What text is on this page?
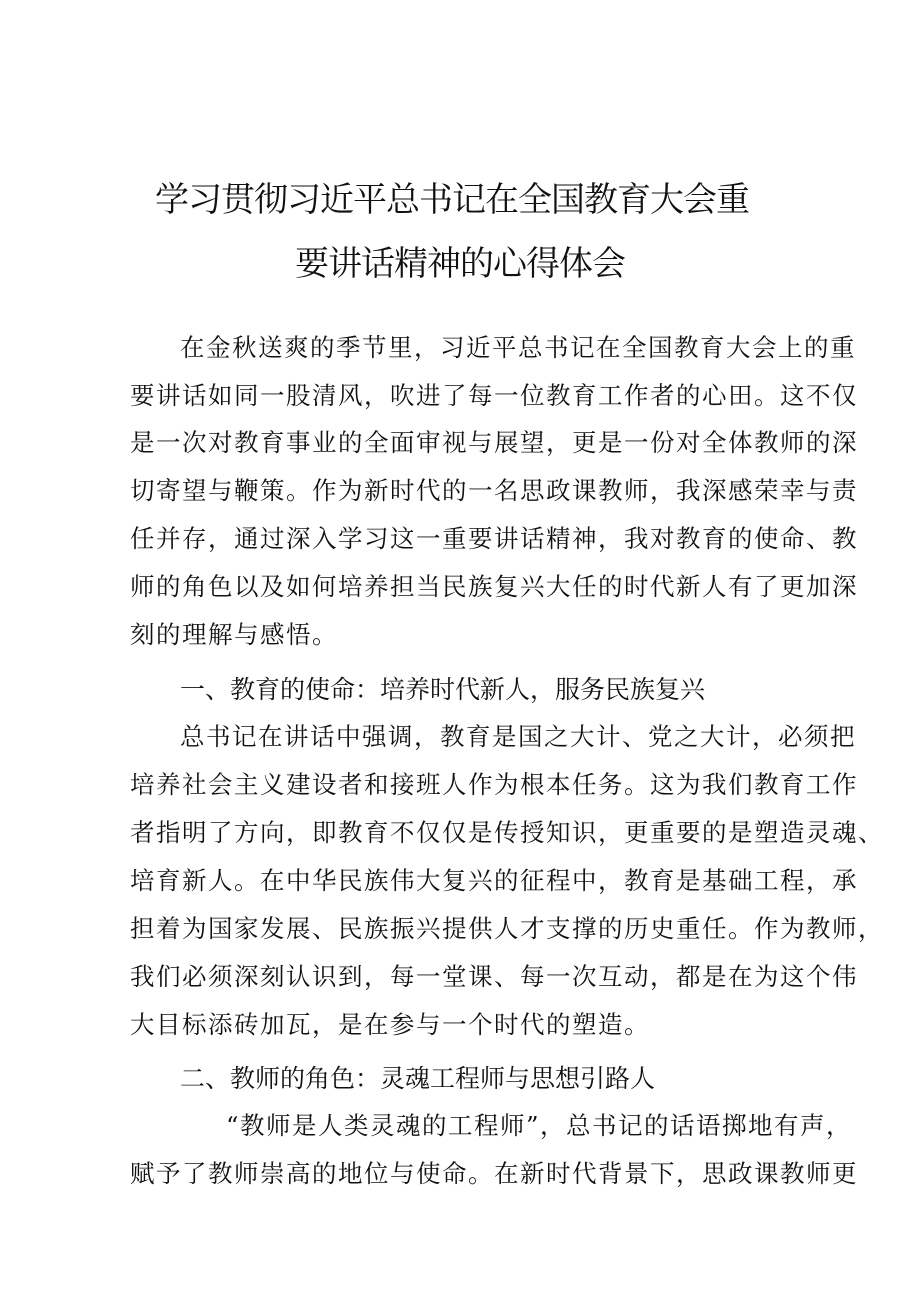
学习贯彻习近平总书记在全国教育大会重
要讲话精神的心得体会
在金秋送爽的季节里，习近平总书记在全国教育大会上的重
要讲话如同一股清风，吹进了每一位教育工作者的心田。这不仅
是一次对教育事业的全面审视与展望，更是一份对全体教师的深
切寄望与鞭策。作为新时代的一名思政课教师，我深感荣幸与责
任并存，通过深入学习这一重要讲话精神，我对教育的使命、教
师的角色以及如何培养担当民族复兴大任的时代新人有了更加深
刻的理解与感悟。
一、教育的使命：培养时代新人，服务民族复兴
总书记在讲话中强调，教育是国之大计、党之大计，必须把
培养社会主义建设者和接班人作为根本任务。这为我们教育工作
者指明了方向，即教育不仅仅是传授知识，更重要的是塑造灵魂、
培育新人。在中华民族伟大复兴的征程中，教育是基础工程，承
担着为国家发展、民族振兴提供人才支撑的历史重任。作为教师，
我们必须深刻认识到，每一堂课、每一次互动，都是在为这个伟
大目标添砖加瓦，是在参与一个时代的塑造。
二、教师的角色：灵魂工程师与思想引路人
“教师是人类灵魂的工程师”，总书记的话语掷地有声，
赋予了教师崇高的地位与使命。在新时代背景下，思政课教师更
